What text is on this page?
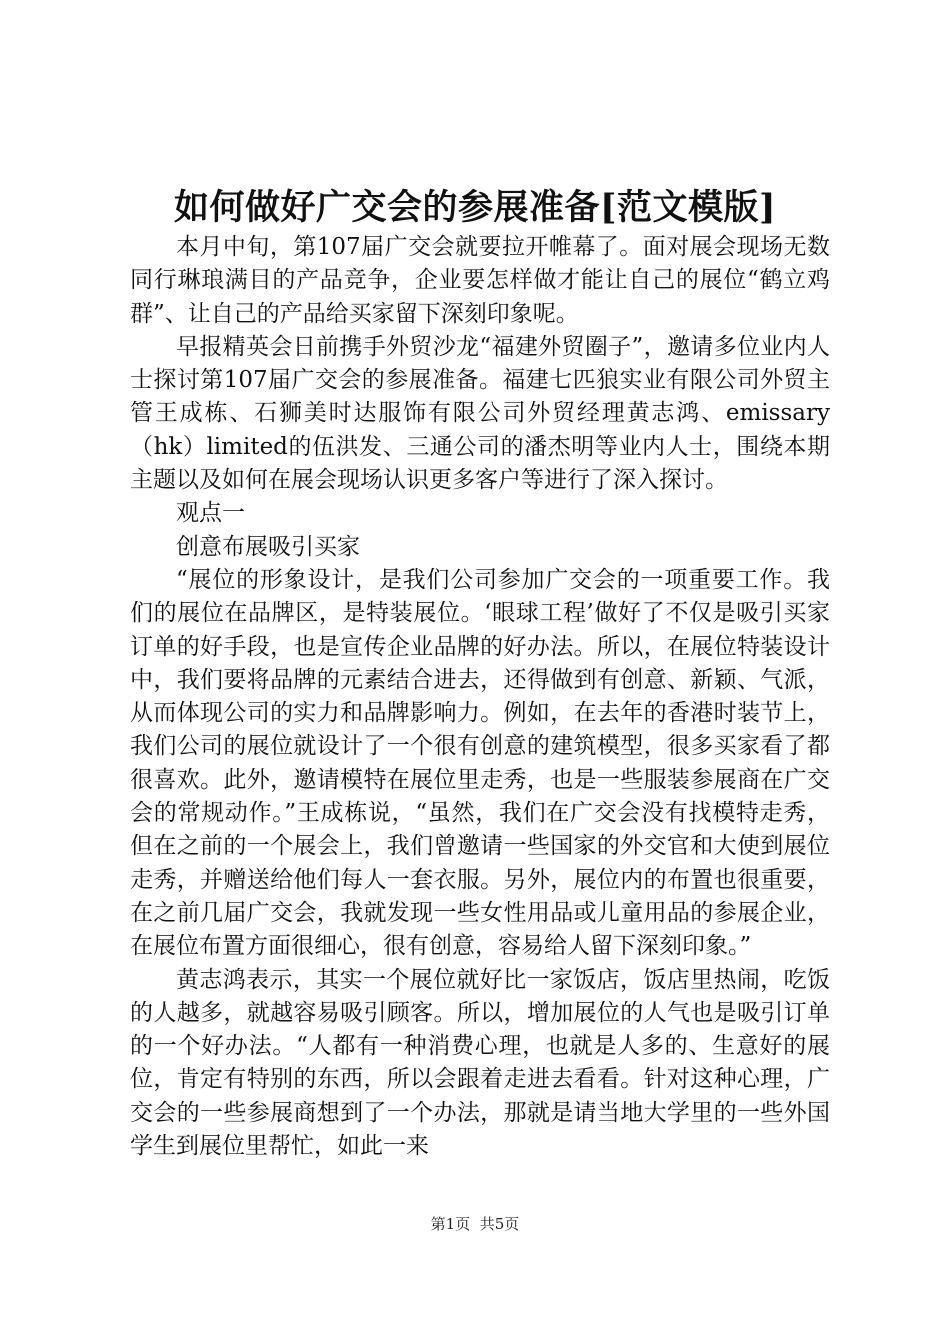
如何做好广交会的参展准备[范文模版]

本月中旬，第107届广交会就要拉开帷幕了。面对展会现场无数同行琳琅满目的产品竞争，企业要怎样做才能让自己的展位“鹤立鸡群”、让自己的产品给买家留下深刻印象呢。

早报精英会日前携手外贸沙龙“福建外贸圈子”，邀请多位业内人士探讨第107届广交会的参展准备。福建七匹狼实业有限公司外贸主管王成栋、石狮美时达服饰有限公司外贸经理黄志鸿、emissary（hk）limited的伍洪发、三通公司的潘杰明等业内人士，围绕本期主题以及如何在展会现场认识更多客户等进行了深入探讨。

观点一

创意布展吸引买家

“展位的形象设计，是我们公司参加广交会的一项重要工作。我们的展位在品牌区，是特装展位。‘眼球工程’做好了不仅是吸引买家订单的好手段，也是宣传企业品牌的好办法。所以，在展位特装设计中，我们要将品牌的元素结合进去，还得做到有创意、新颖、气派，从而体现公司的实力和品牌影响力。例如，在去年的香港时装节上，我们公司的展位就设计了一个很有创意的建筑模型，很多买家看了都很喜欢。此外，邀请模特在展位里走秀，也是一些服装参展商在广交会的常规动作。”王成栋说，“虽然，我们在广交会没有找模特走秀，但在之前的一个展会上，我们曾邀请一些国家的外交官和大使到展位走秀，并赠送给他们每人一套衣服。另外，展位内的布置也很重要，在之前几届广交会，我就发现一些女性用品或儿童用品的参展企业，在展位布置方面很细心，很有创意，容易给人留下深刻印象。”

黄志鸿表示，其实一个展位就好比一家饭店，饭店里热闹，吃饭的人越多，就越容易吸引顾客。所以，增加展位的人气也是吸引订单的一个好办法。“人都有一种消费心理，也就是人多的、生意好的展位，肯定有特别的东西，所以会跟着走进去看看。针对这种心理，广交会的一些参展商想到了一个办法，那就是请当地大学里的一些外国学生到展位里帮忙，如此一来

第1页 共5页
